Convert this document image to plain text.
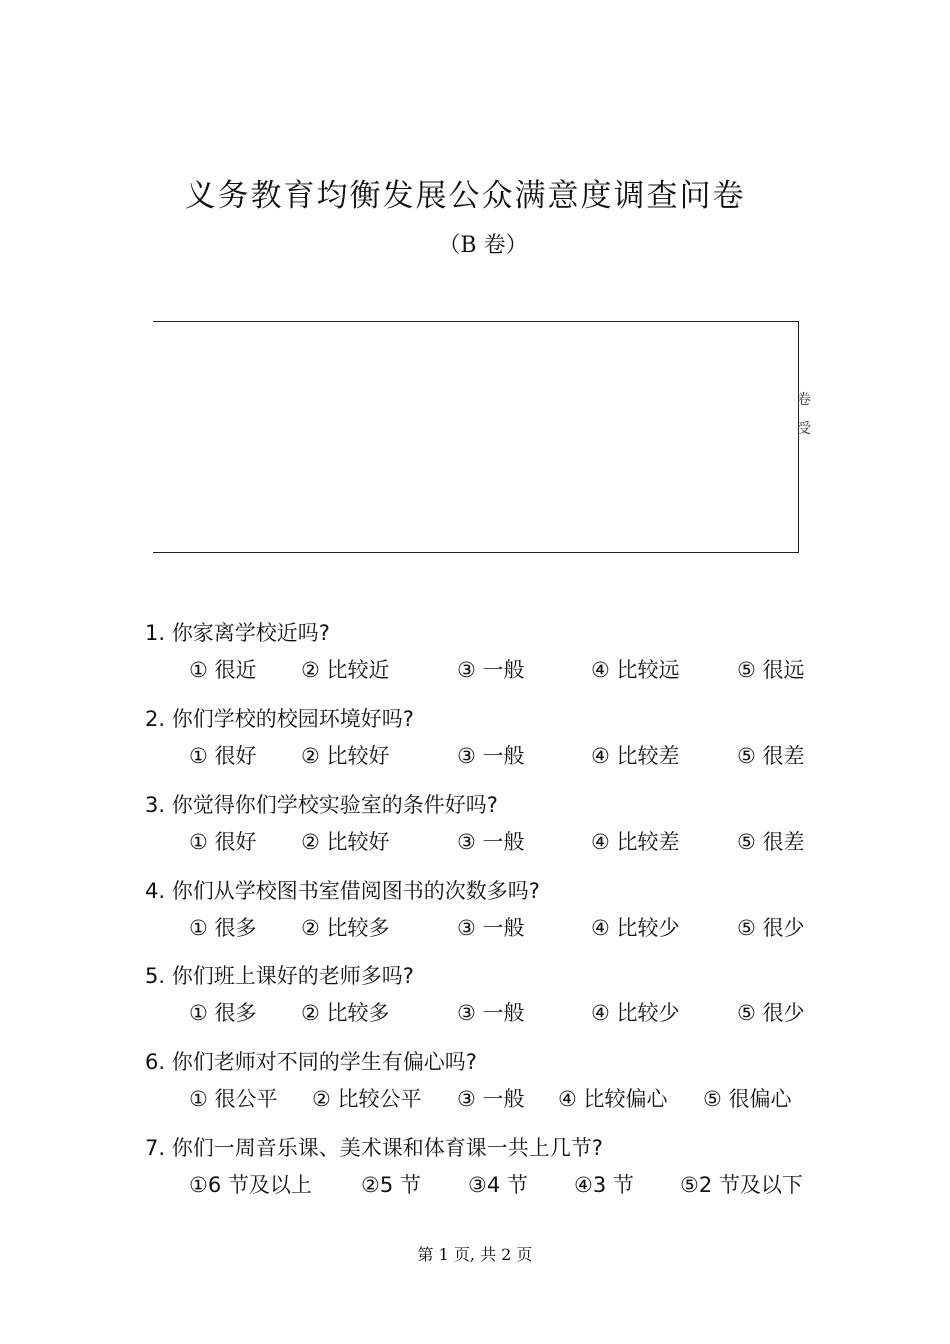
义务教育均衡发展公众满意度调查问卷
（B 卷）
卷
受
1. 你家离学校近吗?
① 很近 ② 比较近	③ 一般	④ 比较远	⑤ 很远
2. 你们学校的校园环境好吗?
① 很好 ② 比较好	③ 一般	④ 比较差	⑤ 很差
3. 你觉得你们学校实验室的条件好吗?
① 很好 ② 比较好	③ 一般	④ 比较差	⑤ 很差
4. 你们从学校图书室借阅图书的次数多吗?
① 很多 ② 比较多	③ 一般	④ 比较少	⑤ 很少
5. 你们班上课好的老师多吗?
① 很多 ② 比较多	③ 一般	④ 比较少	⑤ 很少
6. 你们老师对不同的学生有偏心吗?
① 很公平 ② 比较公平 ③ 一般 ④ 比较偏心 ⑤ 很偏心
7. 你们一周音乐课、美术课和体育课一共上几节?
①6 节及以上 ②5 节 ③4 节 ④3 节 ⑤2 节及以下
第 1 页, 共 2 页
